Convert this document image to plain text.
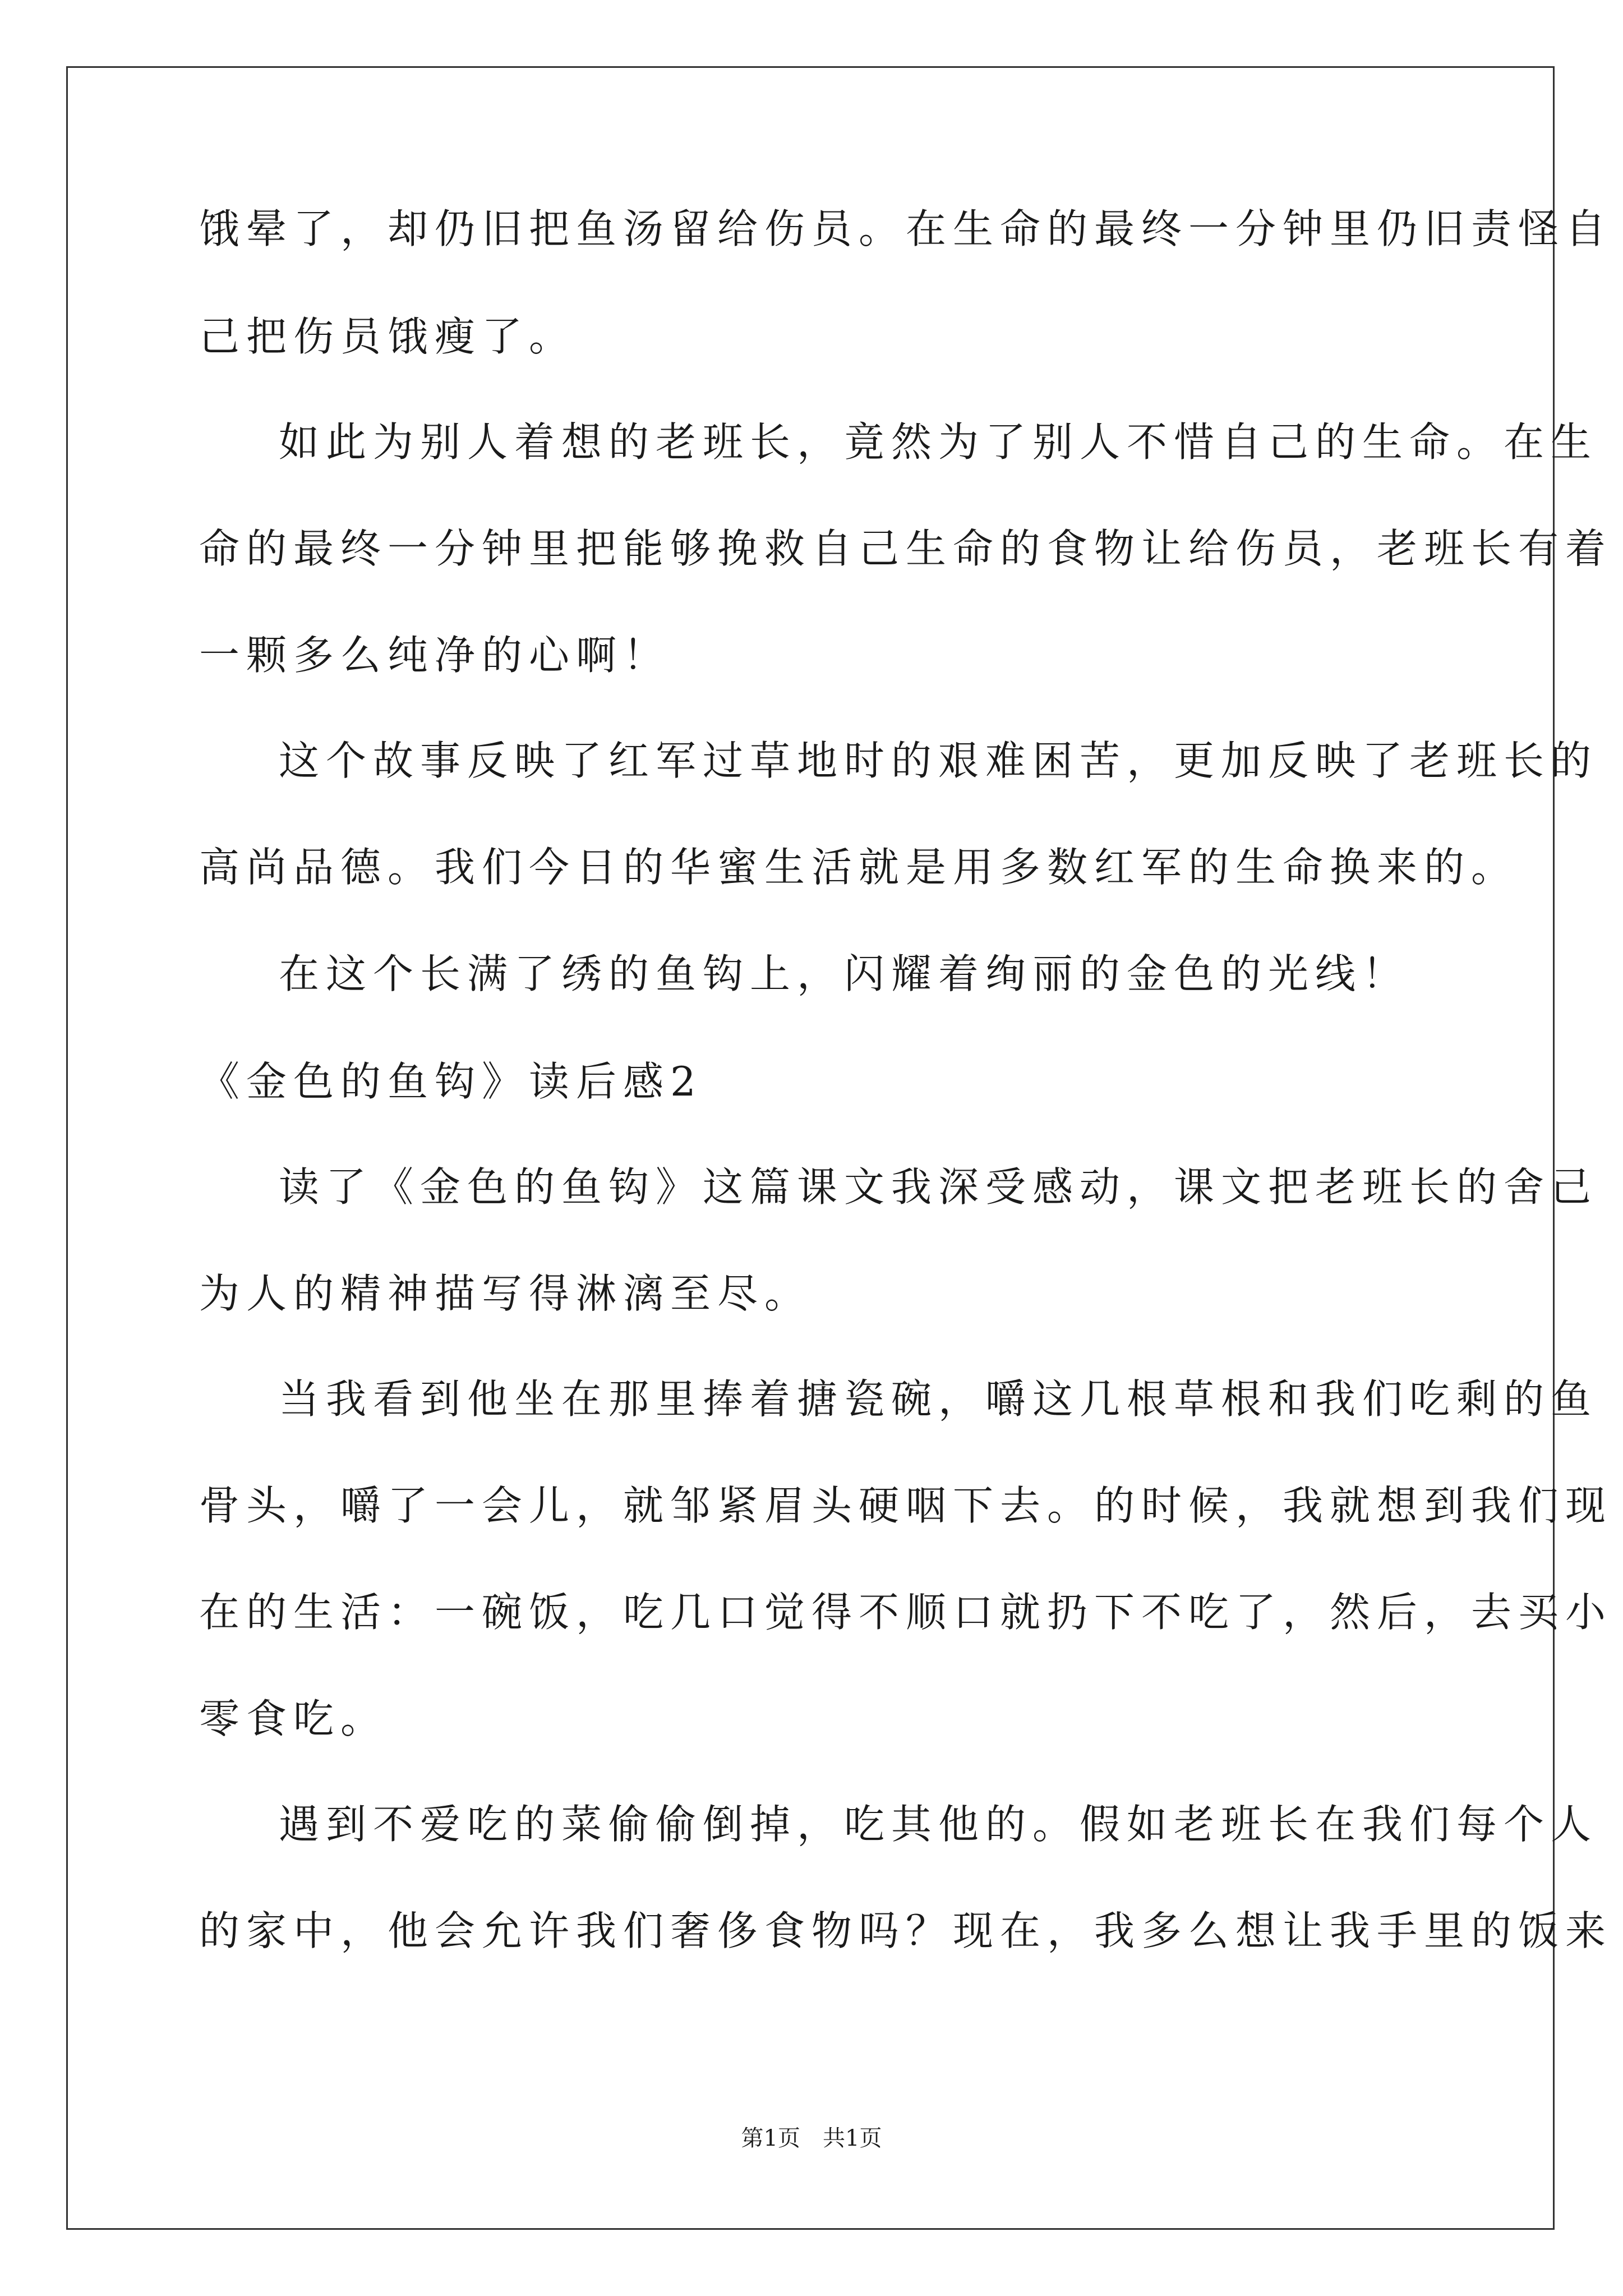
饿晕了，却仍旧把鱼汤留给伤员。在生命的最终一分钟里仍旧责怪自
己把伤员饿瘦了。
如此为别人着想的老班长，竟然为了别人不惜自己的生命。在生
命的最终一分钟里把能够挽救自己生命的食物让给伤员，老班长有着
一颗多么纯净的心啊！
这个故事反映了红军过草地时的艰难困苦，更加反映了老班长的
高尚品德。我们今日的华蜜生活就是用多数红军的生命换来的。
在这个长满了绣的鱼钩上，闪耀着绚丽的金色的光线！
《金色的鱼钩》读后感2
读了《金色的鱼钩》这篇课文我深受感动，课文把老班长的舍己
为人的精神描写得淋漓至尽。
当我看到他坐在那里捧着搪瓷碗，嚼这几根草根和我们吃剩的鱼
骨头，嚼了一会儿，就邹紧眉头硬咽下去。的时候，我就想到我们现
在的生活：一碗饭，吃几口觉得不顺口就扔下不吃了，然后，去买小
零食吃。
遇到不爱吃的菜偷偷倒掉，吃其他的。假如老班长在我们每个人
的家中，他会允许我们奢侈食物吗？现在，我多么想让我手里的饭来
第1页　共1页
